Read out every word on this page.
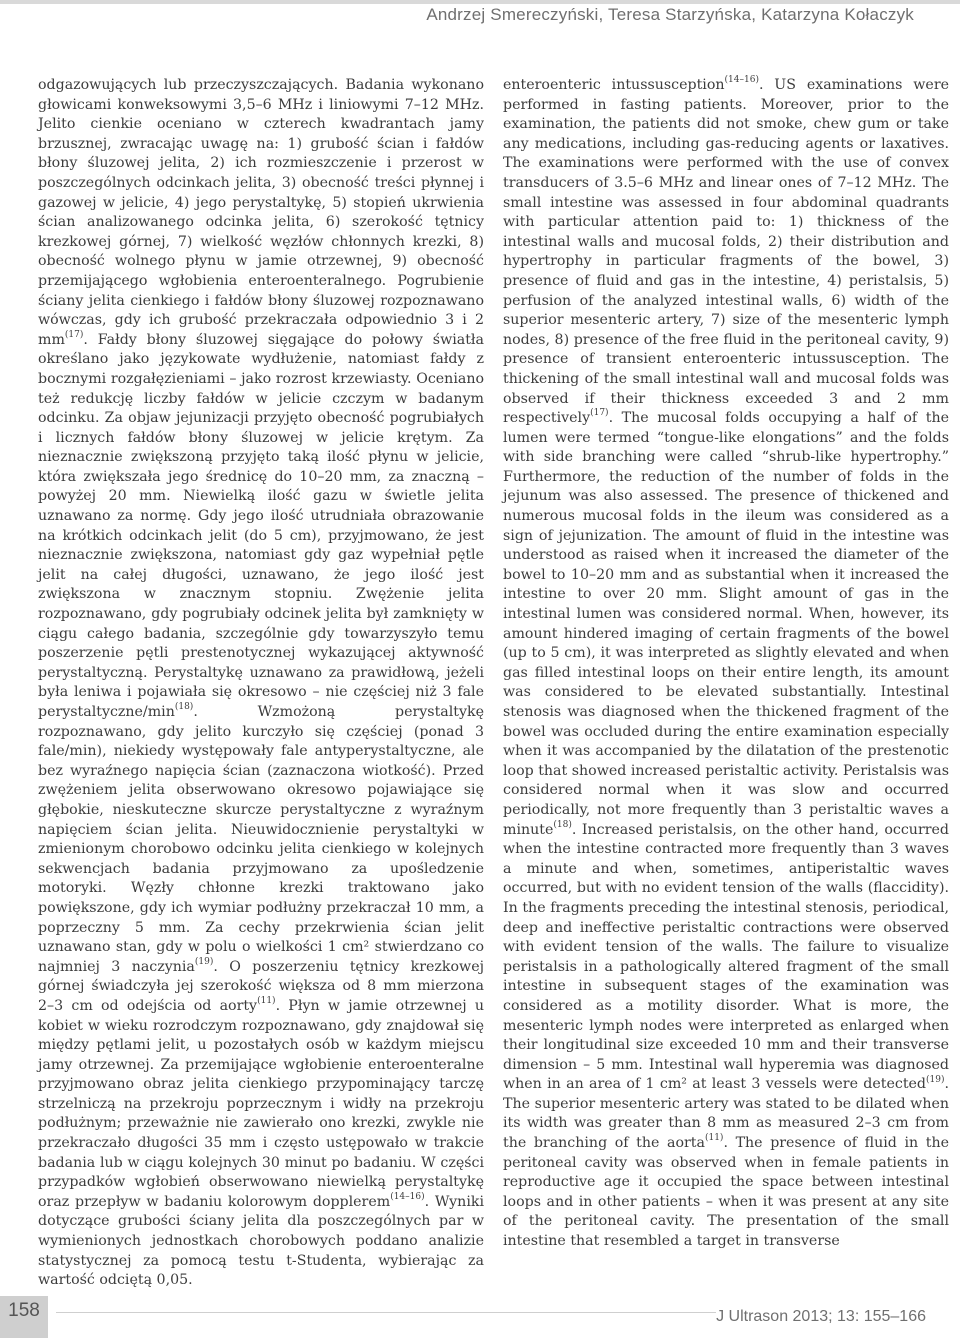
Andrzej Smereczyński, Teresa Starzyńska, Katarzyna Kołaczyk

odgazowujących lub przeczyszczających. Badania wykonano głowicami konweksowymi 3,5–6 MHz i liniowymi 7–12 MHz. Jelito cienkie oceniano w czterech kwadrantach jamy brzusznej, zwracając uwagę na: 1) grubość ścian i fałdów błony śluzowej jelita, 2) ich rozmieszczenie i przerost w poszczególnych odcinkach jelita, 3) obecność treści płynnej i gazowej w jelicie, 4) jego perystaltykę, 5) stopień ukrwienia ścian analizowanego odcinka jelita, 6) szerokość tętnicy krezkowej górnej, 7) wielkość węzłów chłonnych krezki, 8) obecność wolnego płynu w jamie otrzewnej, 9) obecność przemijającego wgłobienia enteroenteralnego. Pogrubienie ściany jelita cienkiego i fałdów błony śluzowej rozpoznawano wówczas, gdy ich grubość przekraczała odpowiednio 3 i 2 $mm^{(17)}$. Fałdy błony śluzowej sięgające do połowy światła określano jako językowate wydłużenie, natomiast fałdy z bocznymi rozgałęzieniami – jako rozrost krzewiasty. Oceniano też redukcję liczby fałdów w jelicie czczym w badanym odcinku. Za objaw jejunizacji przyjęto obecność pogrubiałych i licznych fałdów błony śluzowej w jelicie krętym. Za nieznacznie zwiększoną przyjęto taką ilość płynu w jelicie, która zwiększała jego średnicę do 10–20 mm, za znaczną – powyżej 20 mm. Niewielką ilość gazu w świetle jelita uznawano za normę. Gdy jego ilość utrudniała obrazowanie na krótkich odcinkach jelit (do 5 cm), przyjmowano, że jest nieznacznie zwiększona, natomiast gdy gaz wypełniał pętle jelit na całej długości, uznawano, że jego ilość jest zwiększona w znacznym stopniu. Zwężenie jelita rozpoznawano, gdy pogrubiały odcinek jelita był zamknięty w ciągu całego badania, szczególnie gdy towarzyszyło temu poszerzenie pętli prestenotycznej wykazującej aktywność perystaltyczną. Perystaltykę uznawano za prawidłową, jeżeli była leniwa i pojawiała się okresowo – nie częściej niż 3 fale perystaltyczne/$\min^{(18)}$. Wzmożoną perystaltykę rozpoznawano, gdy jelito kurczyło się częściej (ponad 3 fale/min), niekiedy występowały fale antyperystaltyczne, ale bez wyraźnego napięcia ścian (zaznaczona wiotkość). Przed zwężeniem jelita obserwowano okresowo pojawiające się głębokie, nieskuteczne skurcze perystaltyczne z wyraźnym napięciem ścian jelita. Nieuwidocznienie perystaltyki w zmienionym chorobowo odcinku jelita cienkiego w kolejnych sekwencjach badania przyjmowano za upośledzenie motoryki. Węzły chłonne krezki traktowano jako powiększone, gdy ich wymiar podłużny przekraczał 10 mm, a poprzeczny 5 mm. Za cechy przekrwienia ścian jelit uznawano stan, gdy w polu o wielkości 1 cm² stwierdzano co najmniej 3 naczynia$^{(19)}$. O poszerzeniu tętnicy krezkowej górnej świadczyła jej szerokość większa od 8 mm mierzona 2–3 cm od odejścia od aorty$^{(11)}$. Płyn w jamie otrzewnej u kobiet w wieku rozrodczym rozpoznawano, gdy znajdował się między pętlami jelit, u pozostałych osób w każdym miejscu jamy otrzewnej. Za przemijające wgłobienie enteroenteralne przyjmowano obraz jelita cienkiego przypominający tarczę strzelniczą na przekroju poprzecznym i widły na przekroju podłużnym; przeważnie nie zawierało ono krezki, zwykle nie przekraczało długości 35 mm i często ustępowało w trakcie badania lub w ciągu kolejnych 30 minut po badaniu. W części przypadków wgłobień obserwowano niewielką perystaltykę oraz przepływ w badaniu kolorowym dopplerem$^{(14-16)}$. Wyniki dotyczące grubości ściany jelita dla poszczególnych par w wymienionych jednostkach chorobowych poddano analizie statystycznej za pomocą testu t-Studenta, wybierając za wartość odciętą 0,05.

enteroenteric intussusception$^{(14-16)}$. US examinations were performed in fasting patients. Moreover, prior to the examination, the patients did not smoke, chew gum or take any medications, including gas-reducing agents or laxatives. The examinations were performed with the use of convex transducers of 3.5–6 MHz and linear ones of 7–12 MHz. The small intestine was assessed in four abdominal quadrants with particular attention paid to: 1) thickness of the intestinal walls and mucosal folds, 2) their distribution and hypertrophy in particular fragments of the bowel, 3) presence of fluid and gas in the intestine, 4) peristalsis, 5) perfusion of the analyzed intestinal walls, 6) width of the superior mesenteric artery, 7) size of the mesenteric lymph nodes, 8) presence of the free fluid in the peritoneal cavity, 9) presence of transient enteroenteric intussusception. The thickening of the small intestinal wall and mucosal folds was observed if their thickness exceeded 3 and 2 mm respectively$^{(17)}$. The mucosal folds occupying a half of the lumen were termed “tongue-like elongations” and the folds with side branching were called “shrub-like hypertrophy.” Furthermore, the reduction of the number of folds in the jejunum was also assessed. The presence of thickened and numerous mucosal folds in the ileum was considered as a sign of jejunization. The amount of fluid in the intestine was understood as raised when it increased the diameter of the bowel to 10–20 mm and as substantial when it increased the intestine to over 20 mm. Slight amount of gas in the intestinal lumen was considered normal. When, however, its amount hindered imaging of certain fragments of the bowel (up to 5 cm), it was interpreted as slightly elevated and when gas filled intestinal loops on their entire length, its amount was considered to be elevated substantially. Intestinal stenosis was diagnosed when the thickened fragment of the bowel was occluded during the entire examination especially when it was accompanied by the dilatation of the prestenotic loop that showed increased peristaltic activity. Peristalsis was considered normal when it was slow and occurred periodically, not more frequently than 3 peristaltic waves a minute$^{(18)}$. Increased peristalsis, on the other hand, occurred when the intestine contracted more frequently than 3 waves a minute and when, sometimes, antiperistaltic waves occurred, but with no evident tension of the walls (flaccidity). In the fragments preceding the intestinal stenosis, periodical, deep and ineffective peristaltic contractions were observed with evident tension of the walls. The failure to visualize peristalsis in a pathologically altered fragment of the small intestine in subsequent stages of the examination was considered as a motility disorder. What is more, the mesenteric lymph nodes were interpreted as enlarged when their longitudinal size exceeded 10 mm and their transverse dimension – 5 mm. Intestinal wall hyperemia was diagnosed when in an area of 1 cm² at least 3 vessels were detected$^{(19)}$. The superior mesenteric artery was stated to be dilated when its width was greater than 8 mm as measured 2–3 cm from the branching of the aorta$^{(11)}$. The presence of fluid in the peritoneal cavity was observed when in female patients in reproductive age it occupied the space between intestinal loops and in other patients – when it was present at any site of the peritoneal cavity. The presentation of the small intestine that resembled a target in transverse

158	J Ultrason 2013; 13: 155–166
